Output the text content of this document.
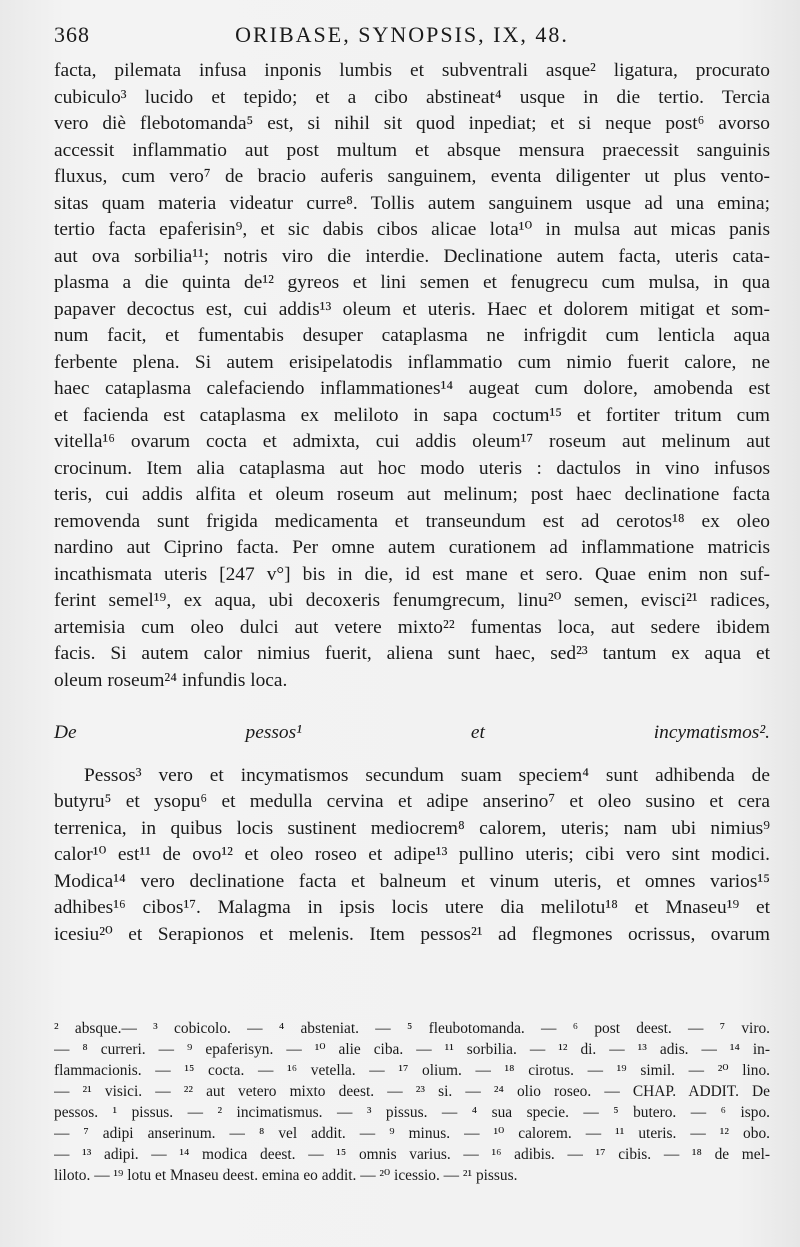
368	ORIBASE, SYNOPSIS, IX, 48.
facta, pilemata infusa inponis lumbis et subventrali asque² ligatura, procurato
cubiculo³ lucido et tepido; et a cibo abstineat⁴ usque in die tertio. Tercia
vero diè flebotomanda⁵ est, si nihil sit quod inpediat; et si neque post⁶ avorso
accessit inflammatio aut post multum et absque mensura praecessit sanguinis
fluxus, cum vero⁷ de bracio auferis sanguinem, eventa diligenter ut plus vento-
sitas quam materia videatur curre⁸. Tollis autem sanguinem usque ad una emina;
tertio facta epaferisin⁹, et sic dabis cibos alicae lota¹⁰ in mulsa aut micas panis
aut ova sorbilia¹¹; notris viro die interdie. Declinatione autem facta, uteris cata-
plasma a die quinta de¹² gyreos et lini semen et fenugrecu cum mulsa, in qua
papaver decoctus est, cui addis¹³ oleum et uteris. Haec et dolorem mitigat et som-
num facit, et fumentabis desuper cataplasma ne infrigdit cum lenticla aqua
ferbente plena. Si autem erisipelatodis inflammatio cum nimio fuerit calore, ne
haec cataplasma calefaciendo inflammationes¹⁴ augeat cum dolore, amobenda est
et facienda est cataplasma ex meliloto in sapa coctum¹⁵ et fortiter tritum cum
vitella¹⁶ ovarum cocta et admixta, cui addis oleum¹⁷ roseum aut melinum aut
crocinum. Item alia cataplasma aut hoc modo uteris : dactulos in vino infusos
teris, cui addis alfita et oleum roseum aut melinum; post haec declinatione facta
removenda sunt frigida medicamenta et transeundum est ad cerotos¹⁸ ex oleo
nardino aut Ciprino facta. Per omne autem curationem ad inflammatione matricis
incathismata uteris [247 v°] bis in die, id est mane et sero. Quae enim non suf-
ferint semel¹⁹, ex aqua, ubi decoxeris fenumgrecum, linu²⁰ semen, evisci²¹ radices,
artemisia cum oleo dulci aut vetere mixto²² fumentas loca, aut sedere ibidem
facis. Si autem calor nimius fuerit, aliena sunt haec, sed²³ tantum ex aqua et
oleum roseum²⁴ infundis loca.
De pessos¹ et incymatismos².
Pessos³ vero et incymatismos secundum suam speciem⁴ sunt adhibenda de
butyru⁵ et ysopu⁶ et medulla cervina et adipe anserino⁷ et oleo susino et cera
terrenica, in quibus locis sustinent mediocrem⁸ calorem, uteris; nam ubi nimius⁹
calor¹⁰ est¹¹ de ovo¹² et oleo roseo et adipe¹³ pullino uteris; cibi vero sint modici.
Modica¹⁴ vero declinatione facta et balneum et vinum uteris, et omnes varios¹⁵
adhibes¹⁶ cibos¹⁷. Malagma in ipsis locis utere dia melilotu¹⁸ et Mnaseu¹⁹ et
icesiu²⁰ et Serapionos et melenis. Item pessos²¹ ad flegmones ocrissus, ovarum
² absque.— ³ cobicolo. — ⁴ absteniat. — ⁵ fleubotomanda. — ⁶ post deest. — ⁷ viro.
— ⁸ curreri. — ⁹ epaferisyn. — ¹⁰ alie ciba. — ¹¹ sorbilia. — ¹² di. — ¹³ adis. — ¹⁴ in-
flammacionis. — ¹⁵ cocta. — ¹⁶ vetella. — ¹⁷ olium. — ¹⁸ cirotus. — ¹⁹ simil. — ²⁰ lino.
— ²¹ visici. — ²² aut vetero mixto deest. — ²³ si. — ²⁴ olio roseo. — CHAP. ADDIT. De
pessos. ¹ pissus. — ² incimatismus. — ³ pissus. — ⁴ sua specie. — ⁵ butero. — ⁶ ispo.
— ⁷ adipi anserinum. — ⁸ vel addit. — ⁹ minus. — ¹⁰ calorem. — ¹¹ uteris. — ¹² obo.
— ¹³ adipi. — ¹⁴ modica deest. — ¹⁵ omnis varius. — ¹⁶ adibis. — ¹⁷ cibis. — ¹⁸ de mel-
liloto. — ¹⁹ lotu et Mnaseu deest. emina eo addit. — ²⁰ icessio. — ²¹ pissus.
